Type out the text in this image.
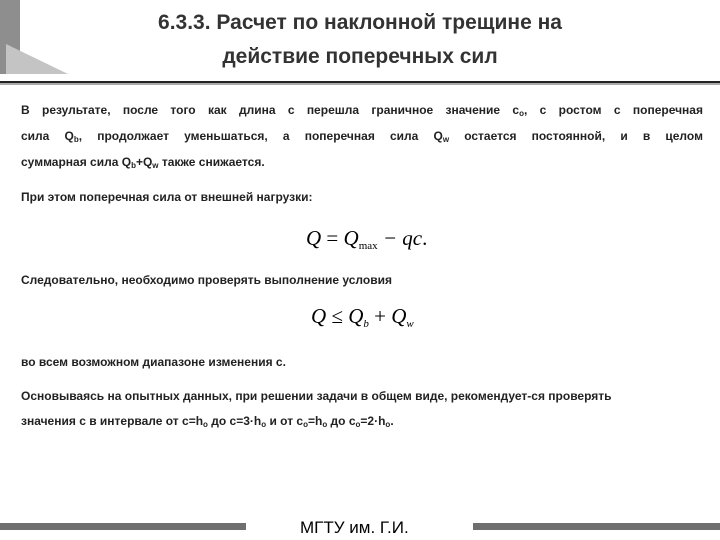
6.3.3. Расчет по наклонной трещине на
действие поперечных сил
В результате, после того как длина с перешла граничное значение $c_o$, с ростом с поперечная
сила $Q_b$, продолжает уменьшаться, а поперечная сила $Q_w$ остается постоянной, и в целом
суммарная сила $Q_b+Q_w$ также снижается.
При этом поперечная сила от внешней нагрузки:
$Q = Q_{max}$ − qc.
Следовательно, необходимо проверять выполнение условия
$Q \le Q_b + Q_w$
во всем возможном диапазоне изменения с.
Основываясь на опытных данных, при решении задачи в общем виде, рекомендует-ся проверять
значения с в интервале от $с=h_o$ до $с=3\cdot h_o$ и от $с_o=h_o$ до $с_o=2\cdot h_o$.
МГТУ им. Г.И.
